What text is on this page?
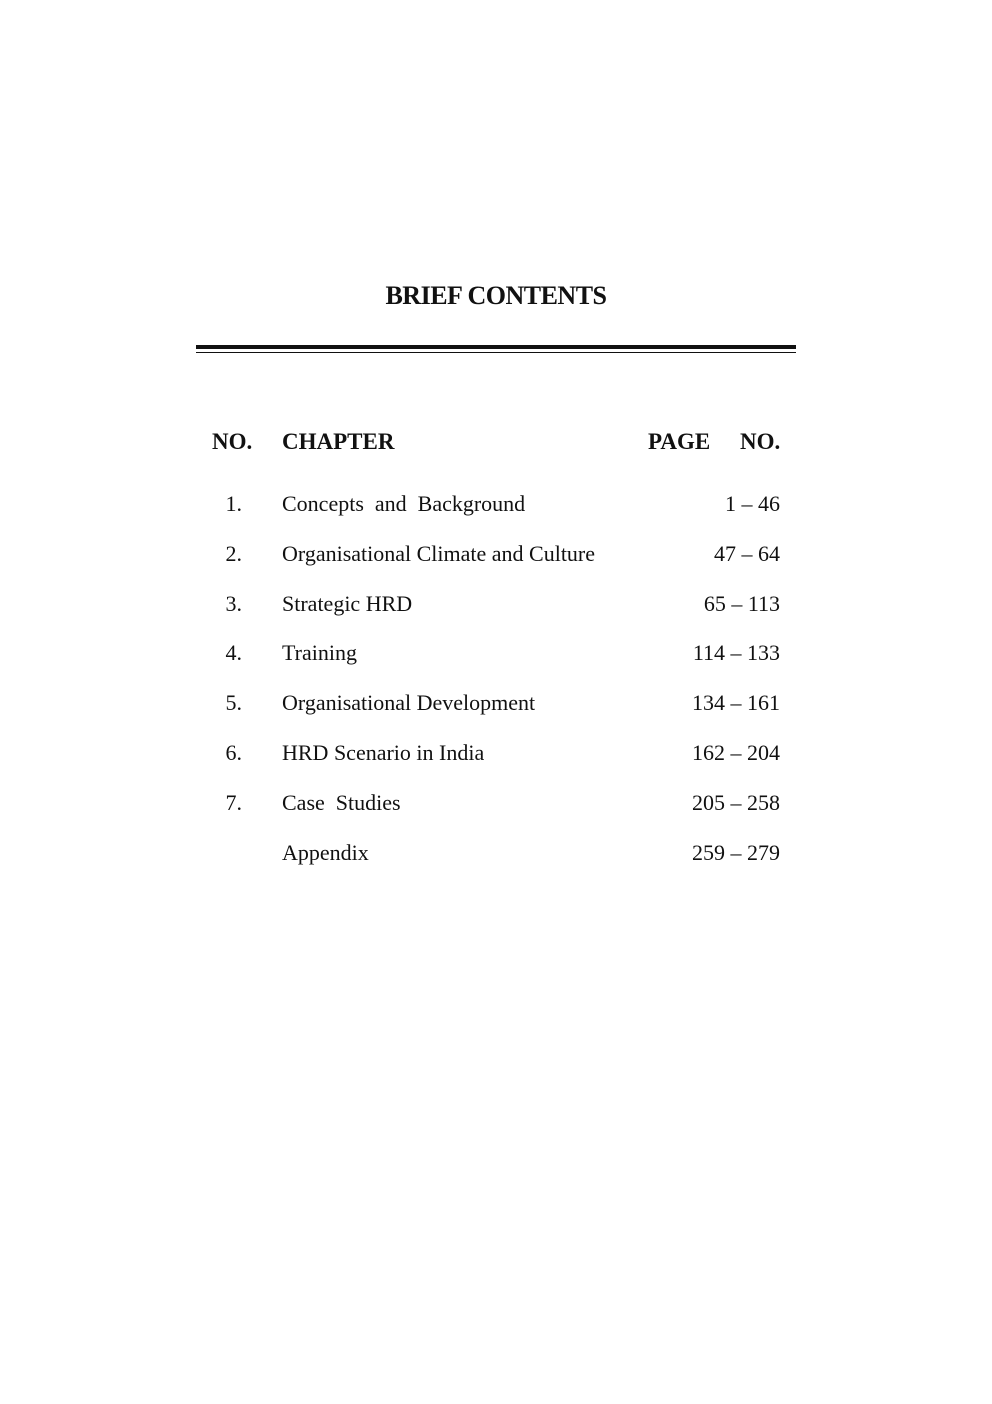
BRIEF CONTENTS
NO. CHAPTER	PAGE NO.
1. Concepts  and  Background	1 – 46
2. Organisational Climate and Culture	47 – 64
3. Strategic HRD	65 – 113
4. Training	114 – 133
5. Organisational Development	134 – 161
6. HRD Scenario in India	162 – 204
7. Case  Studies	205 – 258
Appendix	259 – 279
